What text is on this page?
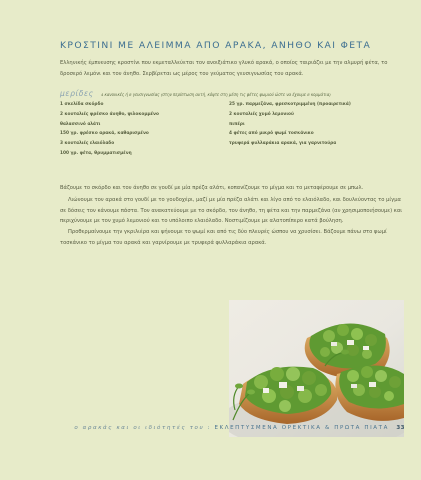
ΚΡΟΣΤΙΝΙ ΜΕ ΑΛΕΙΜΜΑ ΑΠΟ ΑΡΑΚΑ, ΑΝΗΘΟ ΚΑΙ ΦΕΤΑ
Ελληνικής έμπνευσης κροστίνι που εκμεταλλεύεται τον ανοιξιάτικο γλυκό αρακά, ο οποίος ταιριάζει με την αλμυρή φέτα, το δροσερό λεμόνι και τον άνηθο. Σερβίρεται ως μέρος του γεύματος γευσιγνωσίας του αρακά.
μερίδες 4 κανονικές ή 8 γευσιγνωσίας (στην περίπτωση αυτή, κόψτε στη μέση τις φέτες ψωμιού ώστε να έχουμε 8 κομμάτια)
1 σκελίδα σκόρδο
2 κουταλιές φρέσκο άνηθο, ψιλοκομμένο
θαλασσινό αλάτι
150 γρ. φρέσκο αρακά, καθαρισμένο
3 κουταλιές ελαιόλαδο
100 γρ. φέτα, θρυμματισμένη
25 γρ. παρμεζάνα, φρεσκοτριμμένη (προαιρετικά)
2 κουταλιές χυμό λεμονιού
πιπέρι
4 φέτες από μικρό ψωμί τοσκάνικο
τρυφερά φυλλαράκια αρακά, για γαρνιτούρα

Βάζουμε το σκόρδο και τον άνηθο σε γουδί με μία πρέζα αλάτι, κοπανίζουμε το μίγμα και το μεταφέρουμε σε μπωλ.

Λιώνουμε τον αρακά στο γουδί με το γουδοχέρι, μαζί με μία πρέζα αλάτι και λίγο από το ελαιόλαδο, και δουλεύοντας το μίγμα σε δόσεις τον κάνουμε πάστα. Τον ανακατεύουμε με το σκόρδο, τον άνηθο, τη φέτα και την παρμεζάνα (αν χρησιμοποιήσουμε) και περιχύνουμε με τον χυμό λεμονιού και το υπόλοιπο ελαιόλαδο. Νοστιμίζουμε με αλατοπίπερο κατά βούληση.

Προθερμαίνουμε την γκριλιέρα και ψήνουμε το ψωμί και από τις δύο πλευρές ώσπου να χρυσίσει. Βάζουμε πάνω στο ψωμί τοσκάνικο το μίγμα του αρακά και γαρνίρουμε με τρυφερά φυλλαράκια αρακά.

ο αρακάς και οι ιδιότητές του : ΕΚΛΕΠΤΥΣΜΕΝΑ ΟΡΕΚΤΙΚΑ & ΠΡΩΤΑ ΠΙΑΤΑ 33
